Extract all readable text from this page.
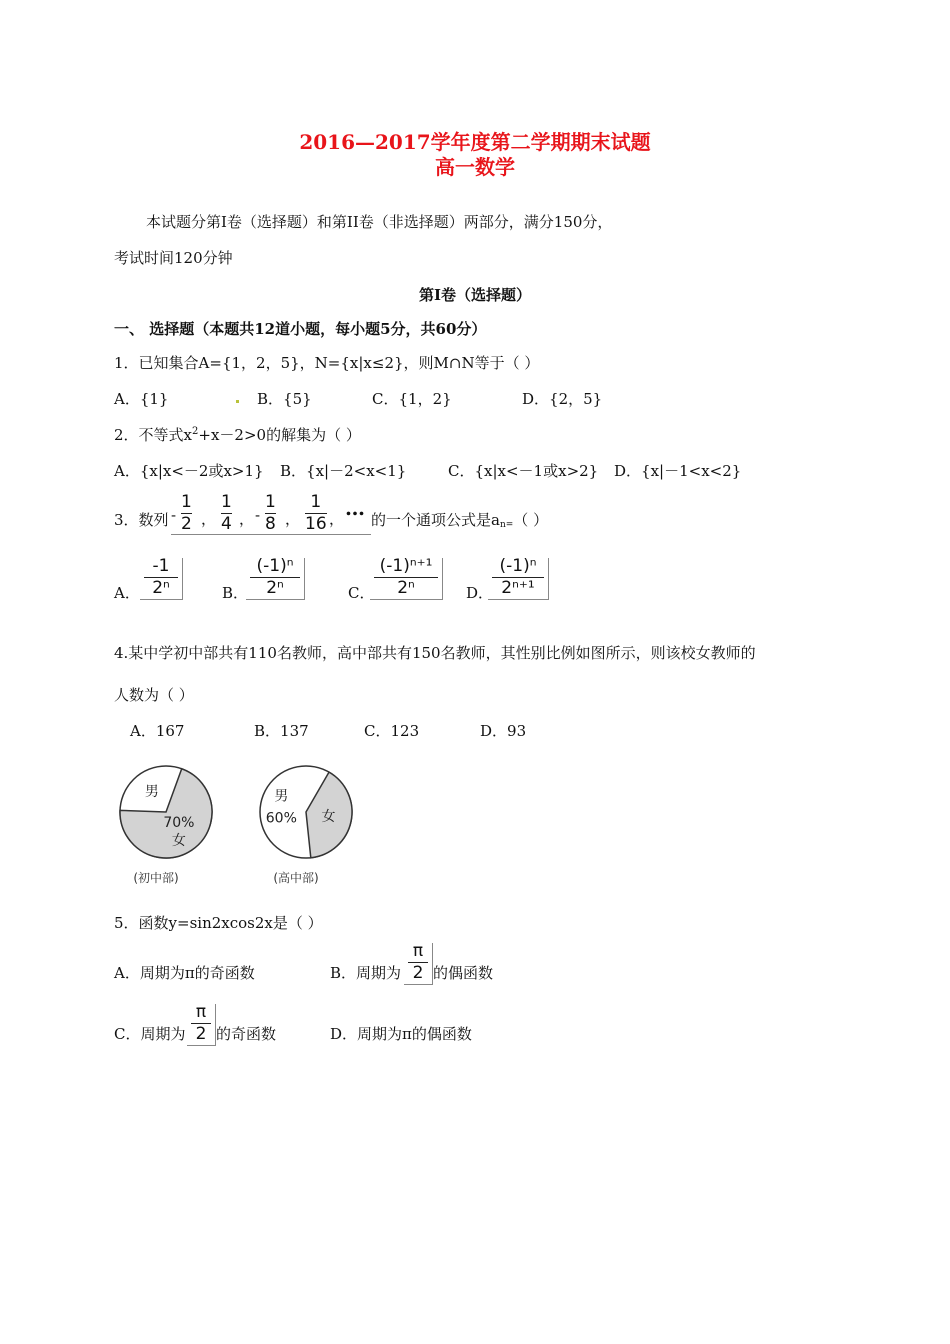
2016—2017学年度第二学期期末试题
高一数学
本试题分第Ⅰ卷（选择题）和第II卷（非选择题）两部分，满分150分，
考试时间120分钟
第Ⅰ卷（选择题）
一、 选择题（本题共12道小题，每小题5分，共60分）
1．已知集合A={1，2，5}，N={x|x≤2}，则M∩N等于（ ）
A．{1}	B．{5}	C．{1，2}	D．{2，5}
2．不等式$x^2+x-2>0$的解集为（ ）
A．{x|x<－2或x>1} B．{x|－2<x<1}	C．{x|x<－1或x>2} D．{x|－1<x<2}
3．数列 -
1
2 ，
1
4 ， -
1
8 ，
1
16 ， … 的一个通项公式是$a_{n=}$（ ）
A．
-1
2ⁿ	B．
(-1)ⁿ
2ⁿ	C．
(-1)ⁿ⁺¹
2ⁿ	D．
(-1)ⁿ
2ⁿ⁺¹
4.某中学初中部共有110名教师，高中部共有150名教师，其性别比例如图所示，则该校女教师的
人数为（ ）
A．167	B．137	C．123	D．93
70%
女
男
(初中部)
女
男
60%
(高中部)
5．函数y=sin2xcos2x是（ ）
A．周期为π的奇函数	B．周期为
π
2 的偶函数
C．周期为
π
2 的奇函数	D．周期为π的偶函数
